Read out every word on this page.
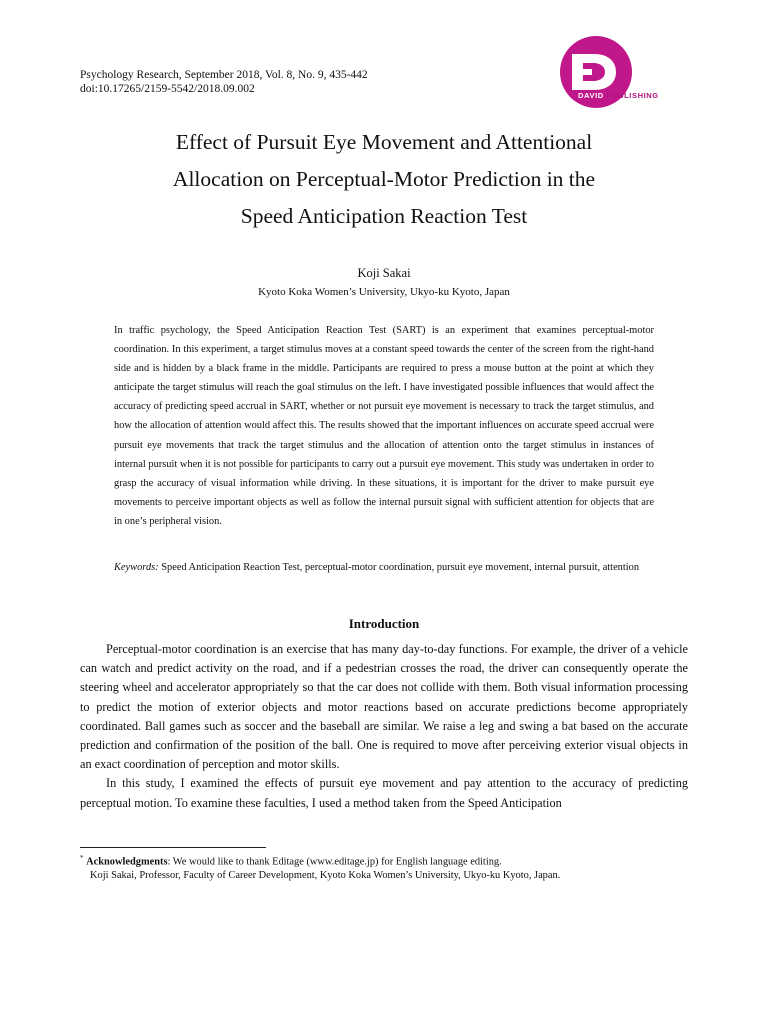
Psychology Research, September 2018, Vol. 8, No. 9, 435-442
doi:10.17265/2159-5542/2018.09.002
DAVID PUBLISHING
Effect of Pursuit Eye Movement and Attentional
Allocation on Perceptual-Motor Prediction in the
Speed Anticipation Reaction Test
Koji Sakai
Kyoto Koka Women’s University, Ukyo-ku Kyoto, Japan
In traffic psychology, the Speed Anticipation Reaction Test (SART) is an experiment that examines perceptual-motor coordination. In this experiment, a target stimulus moves at a constant speed towards the center of the screen from the right-hand side and is hidden by a black frame in the middle. Participants are required to press a mouse button at the point at which they anticipate the target stimulus will reach the goal stimulus on the left. I have investigated possible influences that would affect the accuracy of predicting speed accrual in SART, whether or not pursuit eye movement is necessary to track the target stimulus, and how the allocation of attention would affect this. The results showed that the important influences on accurate speed accrual were pursuit eye movements that track the target stimulus and the allocation of attention onto the target stimulus in instances of internal pursuit when it is not possible for participants to carry out a pursuit eye movement. This study was undertaken in order to grasp the accuracy of visual information while driving. In these situations, it is important for the driver to make pursuit eye movements to perceive important objects as well as follow the internal pursuit signal with sufficient attention for objects that are in one’s peripheral vision.
Keywords: Speed Anticipation Reaction Test, perceptual-motor coordination, pursuit eye movement, internal pursuit, attention
Introduction

Perceptual-motor coordination is an exercise that has many day-to-day functions. For example, the driver of a vehicle can watch and predict activity on the road, and if a pedestrian crosses the road, the driver can consequently operate the steering wheel and accelerator appropriately so that the car does not collide with them. Both visual information processing to predict the motion of exterior objects and motor reactions based on accurate predictions become appropriately coordinated. Ball games such as soccer and the baseball are similar. We raise a leg and swing a bat based on the accurate prediction and confirmation of the position of the ball. One is required to move after perceiving exterior visual objects in an exact coordination of perception and motor skills.

In this study, I examined the effects of pursuit eye movement and pay attention to the accuracy of predicting perceptual motion. To examine these faculties, I used a method taken from the Speed Anticipation

* Acknowledgments: We would like to thank Editage (www.editage.jp) for English language editing.
Koji Sakai, Professor, Faculty of Career Development, Kyoto Koka Women’s University, Ukyo-ku Kyoto, Japan.
